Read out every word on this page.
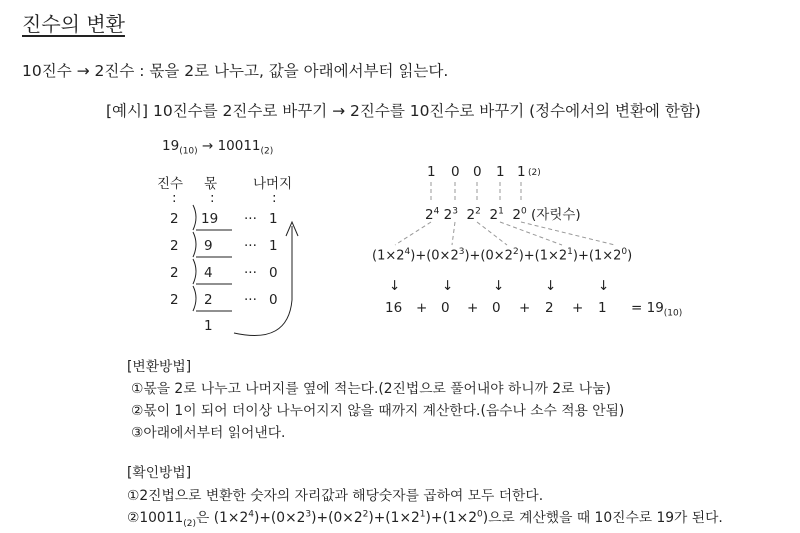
진수의 변환
10진수 → 2진수 : 몫을 2로 나누고, 값을 아래에서부터 읽는다.
[예시] 10진수를 2진수로 바꾸기 → 2진수를 10진수로 바꾸기 (정수에서의 변환에 한함)
$19_{(10)} \to 10011_{(2)}$
진수 몫	나머지
: :	:
2 19 ··· 1
2 9 ··· 1
2 4 ··· 0
2 2 ··· 0
1
1 0 0 1 1 (2)
$2^4$ $2^3$  $2^2$  $2^1$  $2^0$ (자릿수)
$(1\times 2^4)+(0\times 2^3)+(0\times 2^2)+(1\times 2^1)+(1\times 2^0)$
↓	↓	↓	↓	↓
$16 + 0 + 0 + 2 + 1 = 19_{(10)}$
[변환방법]
①몫을 2로 나누고 나머지를 옆에 적는다.(2진법으로 풀어내야 하니까 2로 나눔)
②몫이 1이 되어 더이상 나누어지지 않을 때까지 계산한다.(음수나 소수 적용 안됨)
③아래에서부터 읽어낸다.
[확인방법]
①2진법으로 변환한 숫자의 자리값과 해당숫자를 곱하여 모두 더한다.
$②10011_{(2)}$은 $(1\times 2^4)+(0\times 2^3)+(0\times 2^2)+(1\times 2^1)+(1\times 2^0)$으로 계산했을 때 10진수로 19가 된다.
